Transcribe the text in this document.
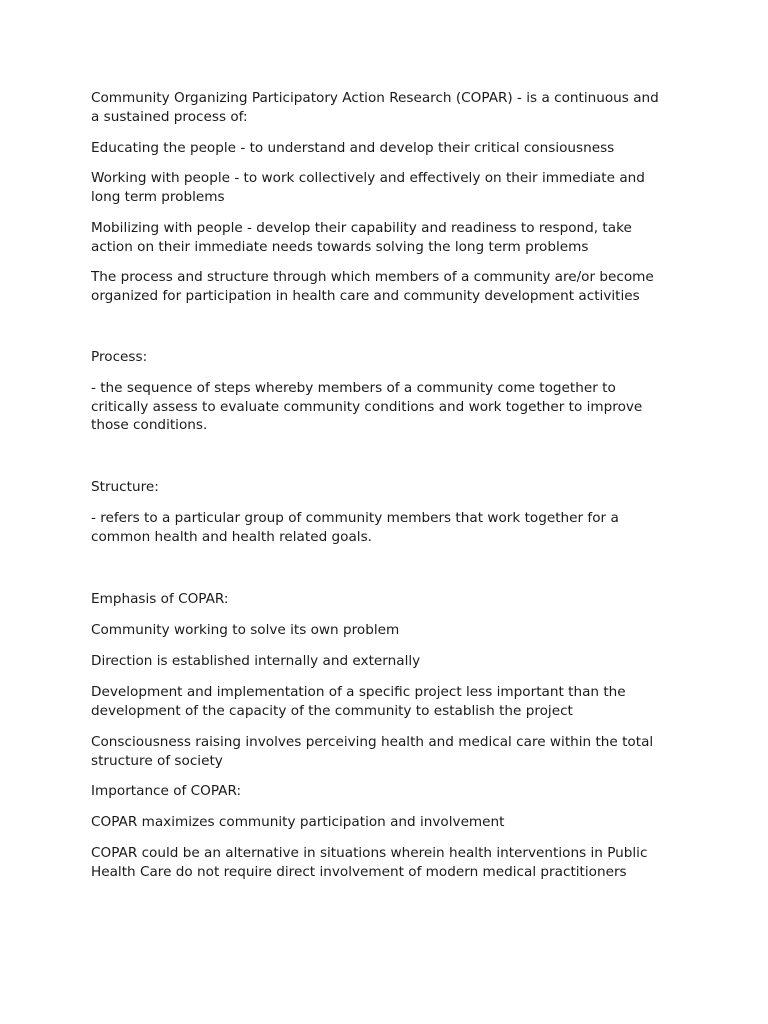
Community Organizing Participatory Action Research (COPAR) - is a continuous and
a sustained process of:

Educating the people - to understand and develop their critical consiousness

Working with people - to work collectively and effectively on their immediate and
long term problems

Mobilizing with people - develop their capability and readiness to respond, take
action on their immediate needs towards solving the long term problems

The process and structure through which members of a community are/or become
organized for participation in health care and community development activities

Process:

- the sequence of steps whereby members of a community come together to
critically assess to evaluate community conditions and work together to improve
those conditions.

Structure:

- refers to a particular group of community members that work together for a
common health and health related goals.

Emphasis of COPAR:

Community working to solve its own problem

Direction is established internally and externally

Development and implementation of a specific project less important than the
development of the capacity of the community to establish the project

Consciousness raising involves perceiving health and medical care within the total
structure of society

Importance of COPAR:

COPAR maximizes community participation and involvement

COPAR could be an alternative in situations wherein health interventions in Public
Health Care do not require direct involvement of modern medical practitioners
